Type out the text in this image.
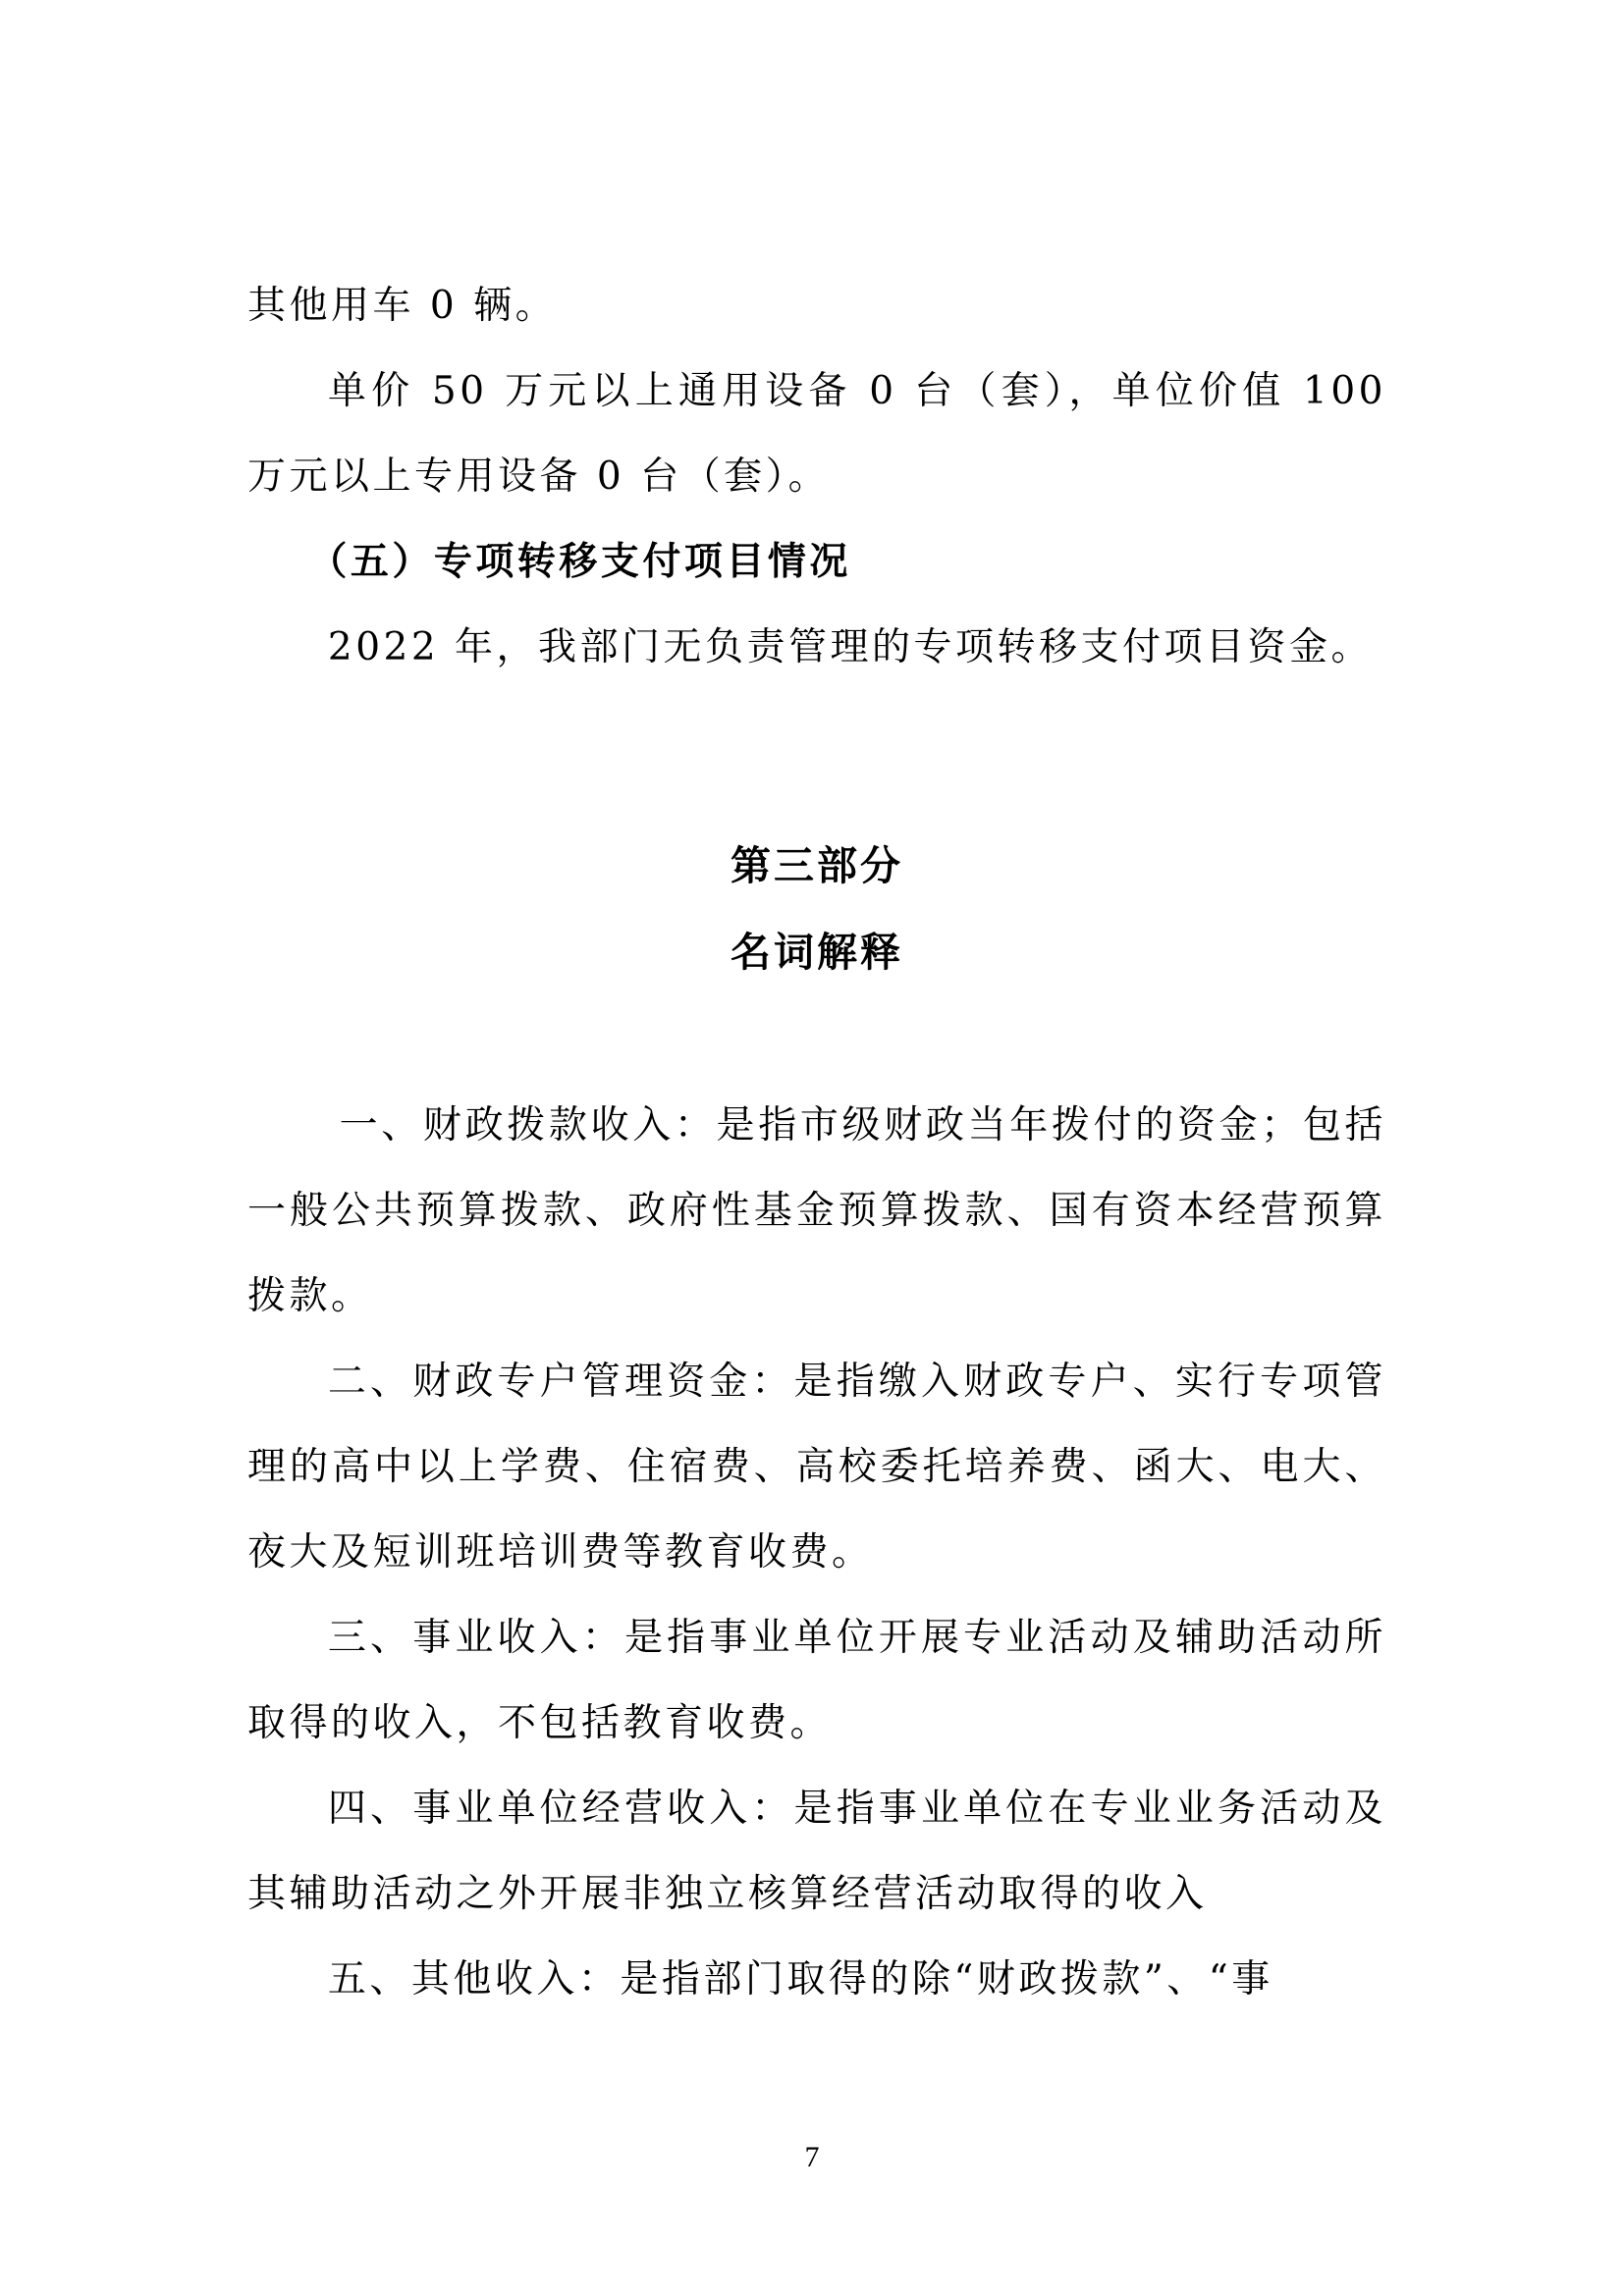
其他用车 0 辆。

单价 50 万元以上通用设备 0 台（套），单位价值 100 万元以上专用设备 0 台（套）。

（五）专项转移支付项目情况

2022 年，我部门无负责管理的专项转移支付项目资金。

第三部分
名词解释

一、财政拨款收入：是指市级财政当年拨付的资金；包括一般公共预算拨款、政府性基金预算拨款、国有资本经营预算拨款。

二、财政专户管理资金：是指缴入财政专户、实行专项管理的高中以上学费、住宿费、高校委托培养费、函大、电大、夜大及短训班培训费等教育收费。

三、事业收入：是指事业单位开展专业活动及辅助活动所取得的收入，不包括教育收费。

四、事业单位经营收入：是指事业单位在专业业务活动及其辅助活动之外开展非独立核算经营活动取得的收入

五、其他收入：是指部门取得的除“财政拨款”、“事

7
